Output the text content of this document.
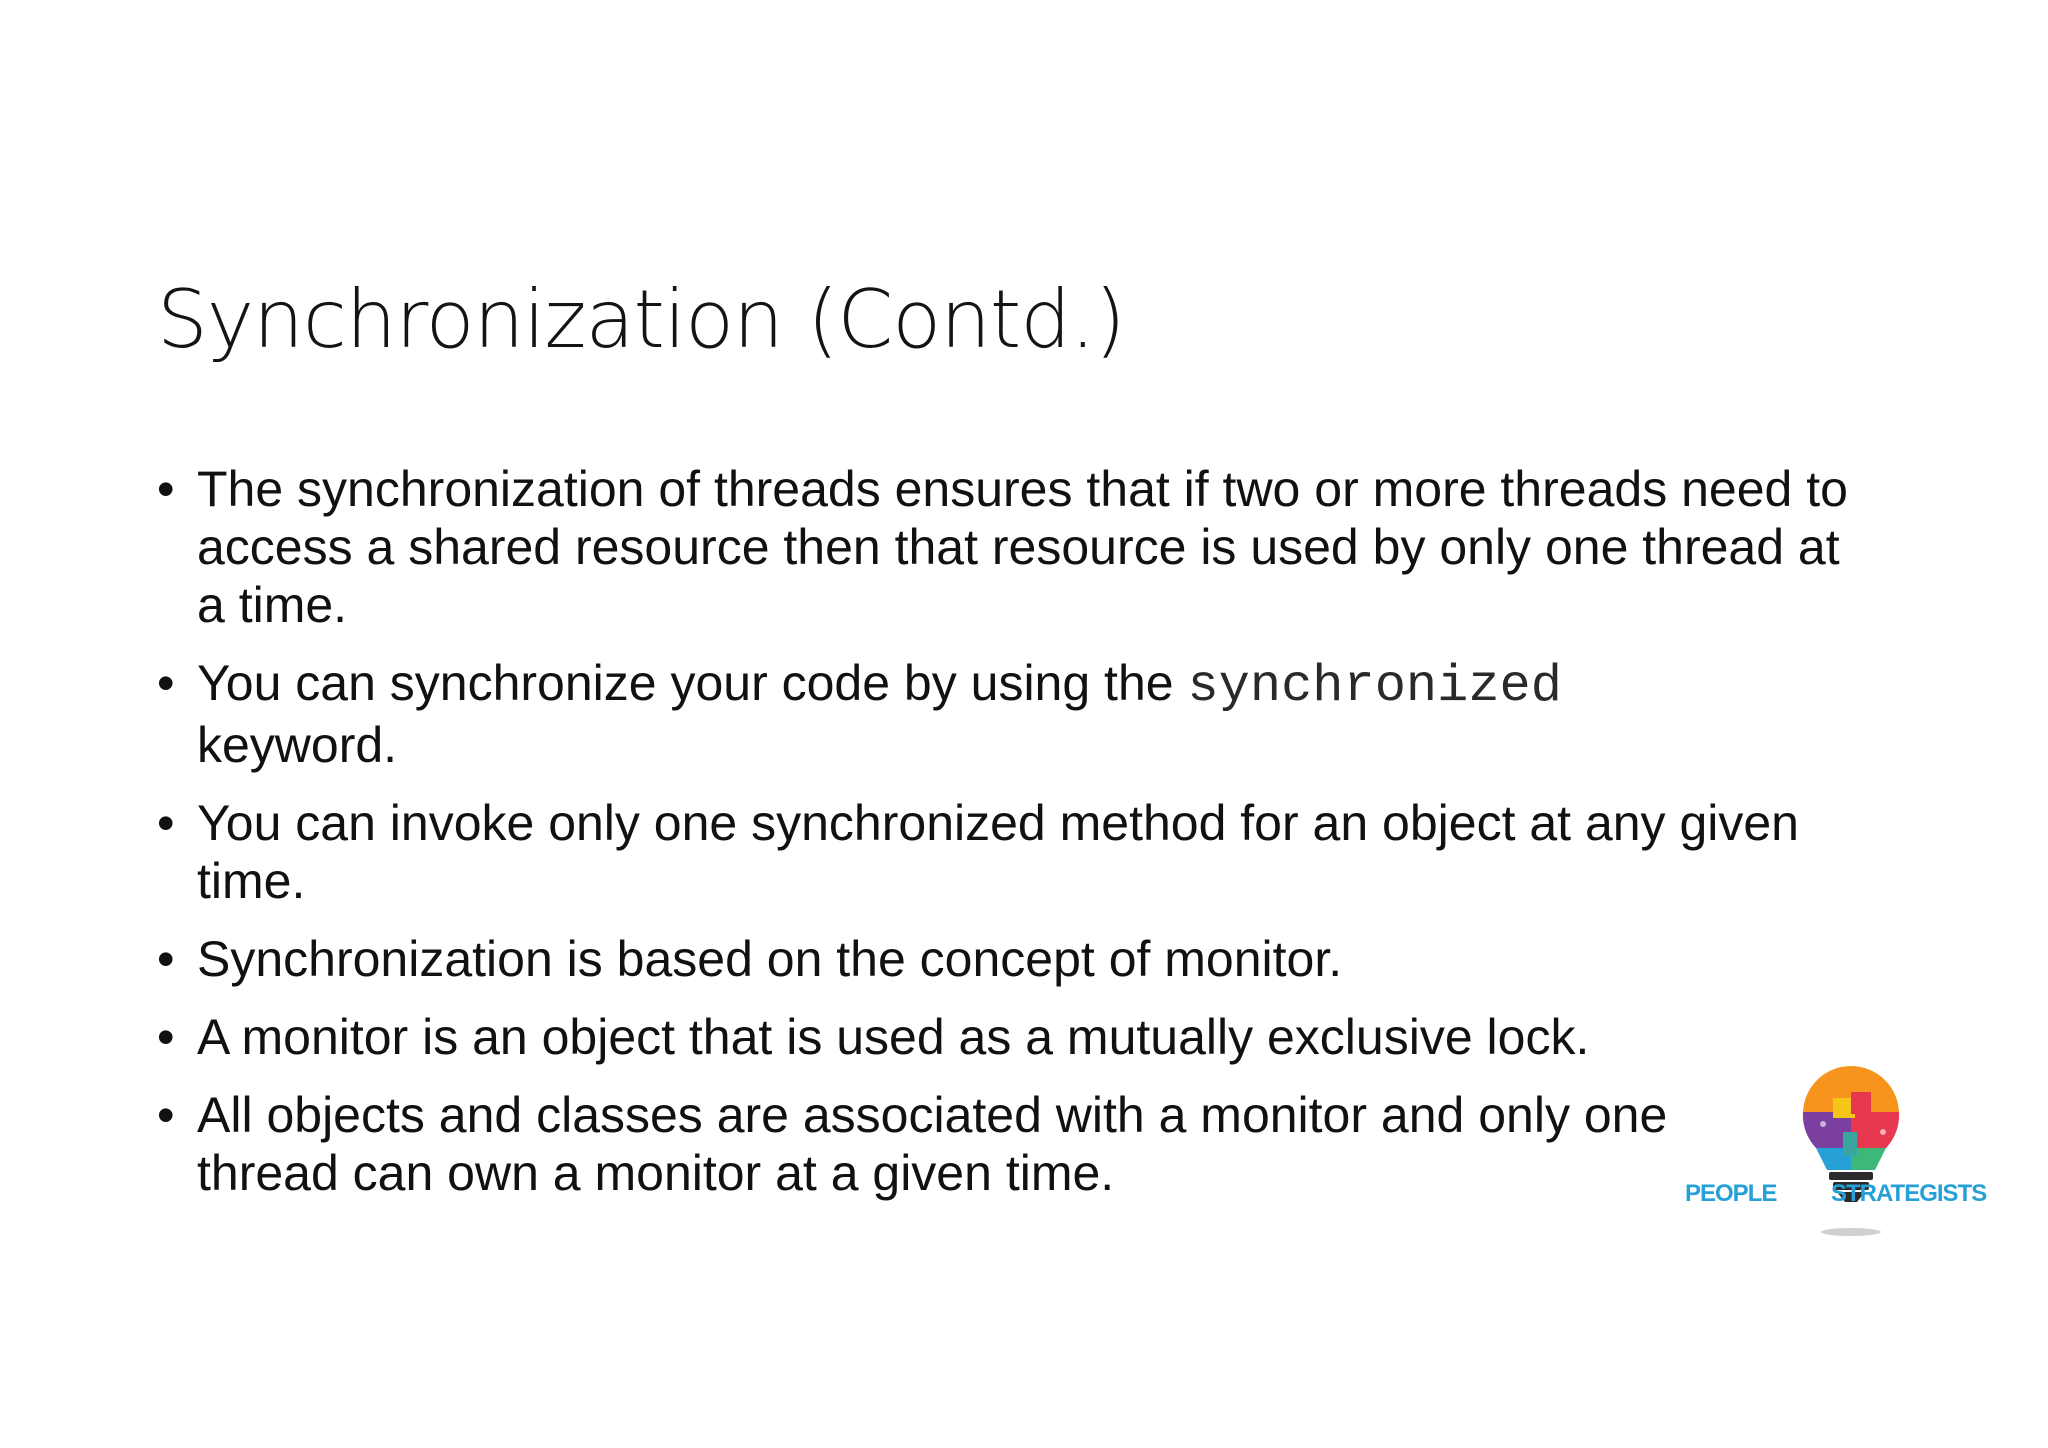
Synchronization (Contd.)
• The synchronization of threads ensures that if two or more threads need to access a shared resource then that resource is used by only one thread at a time.
• You can synchronize your code by using the synchronized
keyword.
• You can invoke only one synchronized method for an object at any given time.
• Synchronization is based on the concept of monitor.
• A monitor is an object that is used as a mutually exclusive lock.
• All objects and classes are associated with a monitor and only one thread can own a monitor at a given time.	PEOPLE STRATEGISTS
